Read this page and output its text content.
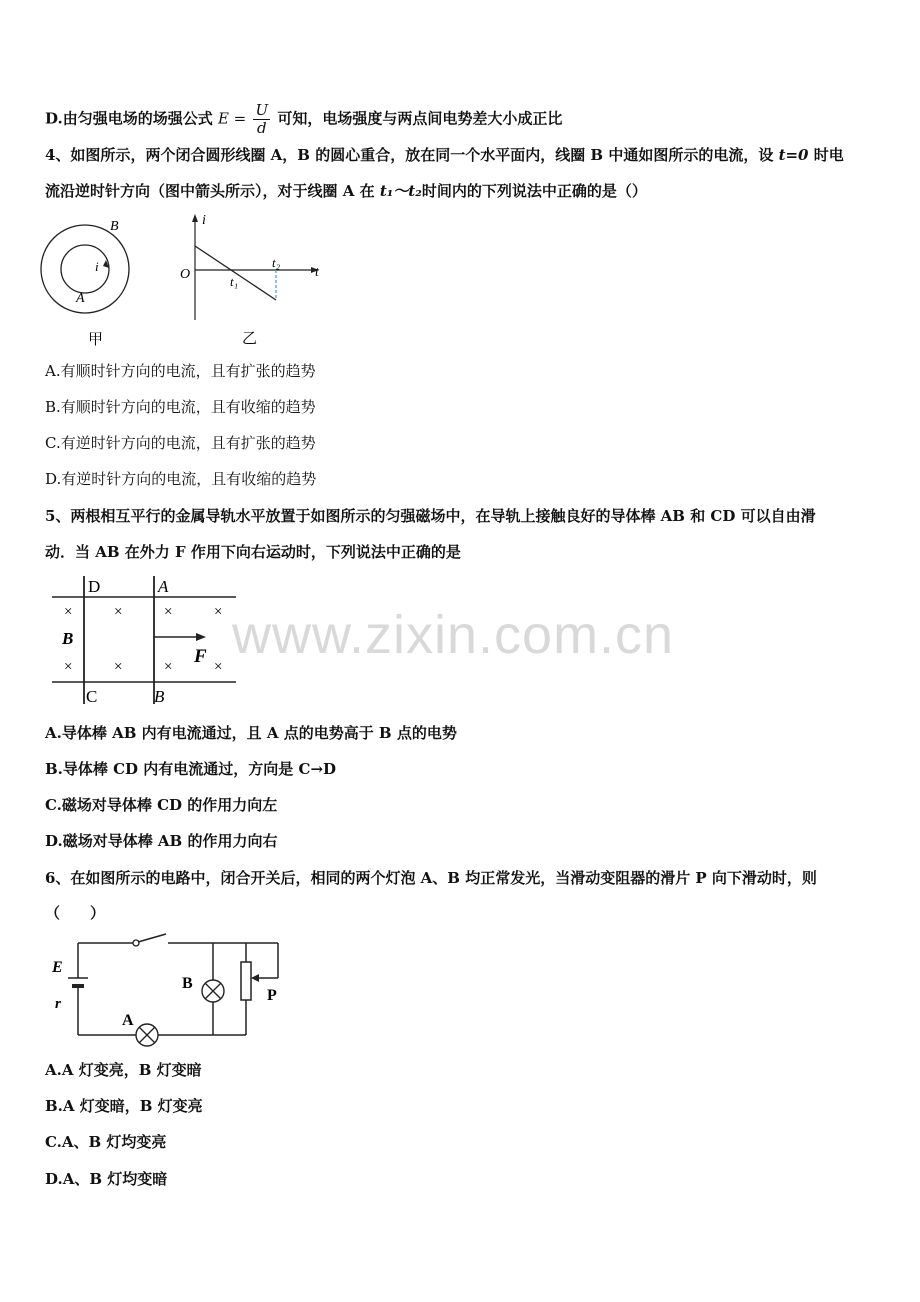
www.zixin.com.cn
D.由匀强电场的场强公式 $E = \frac{U}{d}$ 可知，电场强度与两点间电势差大小成正比
4、如图所示，两个闭合圆形线圈 A，B 的圆心重合，放在同一个水平面内，线圈 B 中通如图所示的电流，设 t=0 时电
流沿逆时针方向（图中箭头所示），对于线圈 A 在 t₁～t₂时间内的下列说法中正确的是（）
B
i
A
甲
i
t
O	t₁
t₂
乙
A.有顺时针方向的电流，且有扩张的趋势
B.有顺时针方向的电流，且有收缩的趋势
C.有逆时针方向的电流，且有扩张的趋势
D.有逆时针方向的电流，且有收缩的趋势
5、两根相互平行的金属导轨水平放置于如图所示的匀强磁场中，在导轨上接触良好的导体棒 AB 和 CD 可以自由滑
动．当 AB 在外力 F 作用下向右运动时，下列说法中正确的是
D	A
B
F
C	B
×	×	×	×
×	×	×	×
A.导体棒 AB 内有电流通过，且 A 点的电势高于 B 点的电势
B.导体棒 CD 内有电流通过，方向是 C→D
C.磁场对导体棒 CD 的作用力向左
D.磁场对导体棒 AB 的作用力向右
6、在如图所示的电路中，闭合开关后，相同的两个灯泡 A、B 均正常发光，当滑动变阻器的滑片 P 向下滑动时，则
（　　）
E
r
A
B
P
A.A 灯变亮，B 灯变暗
B.A 灯变暗，B 灯变亮
C.A、B 灯均变亮
D.A、B 灯均变暗
